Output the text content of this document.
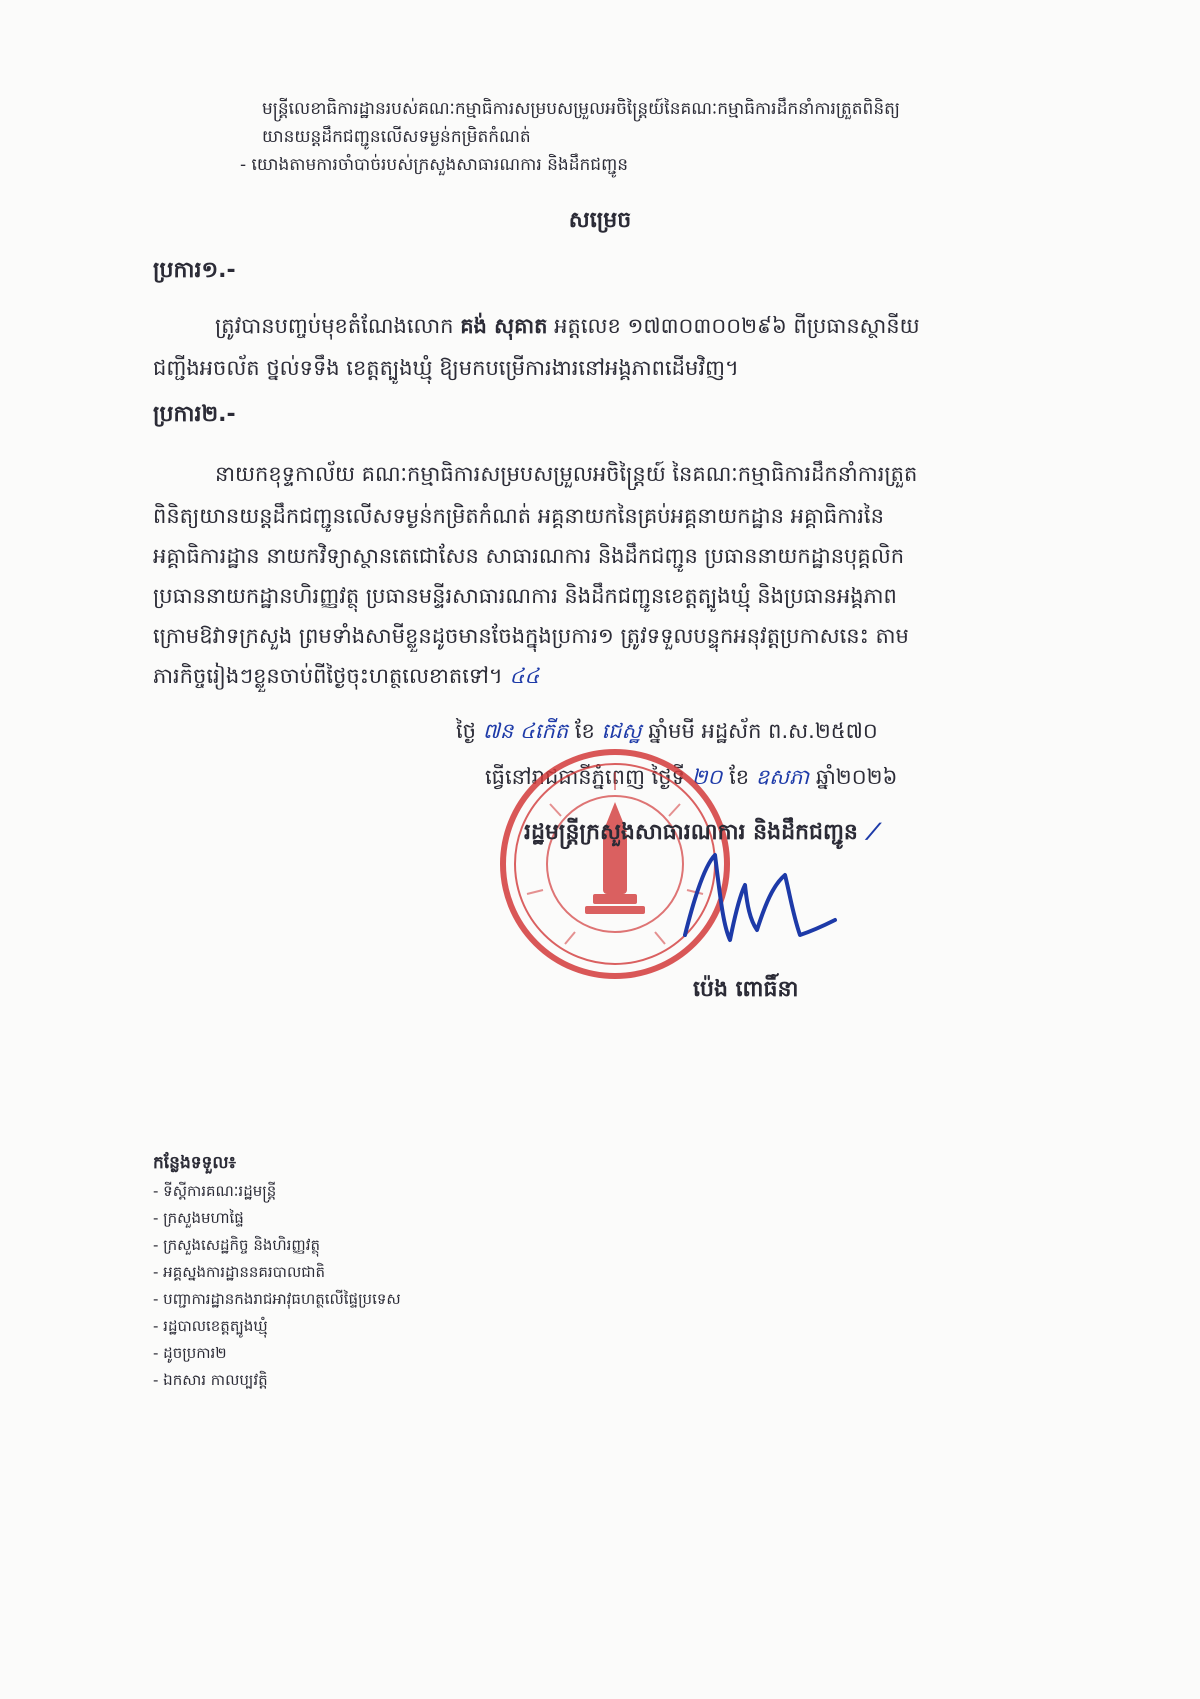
មន្ត្រីលេខាធិការដ្ឋានរបស់គណៈកម្មាធិការសម្របសម្រួលអចិន្ត្រៃយ៍នៃគណៈកម្មាធិការដឹកនាំការត្រួតពិនិត្យ
យានយន្តដឹកជញ្ជូនលើសទម្ងន់កម្រិតកំណត់
- យោងតាមការចាំបាច់របស់ក្រសួងសាធារណការ និងដឹកជញ្ជូន
សម្រេច
ប្រការ១.-
ត្រូវបានបញ្ចប់មុខតំណែងលោក គង់ សុគាត អត្តលេខ ១៧៣០៣០០២៩៦ ពីប្រធានស្ថានីយ
ជញ្ជីងអចល័ត ថ្នល់ទទឹង ខេត្តត្បូងឃ្មុំ ឱ្យមកបម្រើការងារនៅអង្គភាពដើមវិញ។
ប្រការ២.-
នាយកខុទ្ទកាល័យ គណៈកម្មាធិការសម្របសម្រួលអចិន្ត្រៃយ៍ នៃគណៈកម្មាធិការដឹកនាំការត្រួត
ពិនិត្យយានយន្តដឹកជញ្ជូនលើសទម្ងន់កម្រិតកំណត់ អគ្គនាយកនៃគ្រប់អគ្គនាយកដ្ឋាន អគ្គាធិការនៃ
អគ្គាធិការដ្ឋាន នាយកវិទ្យាស្ថានតេជោសែន សាធារណការ និងដឹកជញ្ជូន ប្រធាននាយកដ្ឋានបុគ្គលិក
ប្រធាននាយកដ្ឋានហិរញ្ញវត្ថុ ប្រធានមន្ទីរសាធារណការ និងដឹកជញ្ជូនខេត្តត្បូងឃ្មុំ និងប្រធានអង្គភាព
ក្រោមឱវាទក្រសួង ព្រមទាំងសាមីខ្លួនដូចមានចែងក្នុងប្រការ១ ត្រូវទទួលបន្ទុកអនុវត្តប្រកាសនេះ តាម
ភារកិច្ចរៀងៗខ្លួនចាប់ពីថ្ងៃចុះហត្ថលេខាតទៅ។ ៤៤
ថ្ងៃ ៧ន ៤កើត ខែ ជេស្ឋ ឆ្នាំមមី អដ្ឋស័ក ព.ស.២៥៧០
ធ្វើនៅរាជធានីភ្នំពេញ ថ្ងៃទី ២០ ខែ ឧសភា ឆ្នាំ២០២៦
រដ្ឋមន្ត្រីក្រសួងសាធារណការ និងដឹកជញ្ជូន ⟋
ប៉េង ពោធិ៍នា
កន្លែងទទួល៖
- ទីស្តីការគណៈរដ្ឋមន្ត្រី
- ក្រសួងមហាផ្ទៃ
- ក្រសួងសេដ្ឋកិច្ច និងហិរញ្ញវត្ថុ
- អគ្គស្នងការដ្ឋាននគរបាលជាតិ
- បញ្ជាការដ្ឋានកងរាជអាវុធហត្ថលើផ្ទៃប្រទេស
- រដ្ឋបាលខេត្តត្បូងឃ្មុំ
- ដូចប្រការ២
- ឯកសារ កាលប្បវត្តិ
